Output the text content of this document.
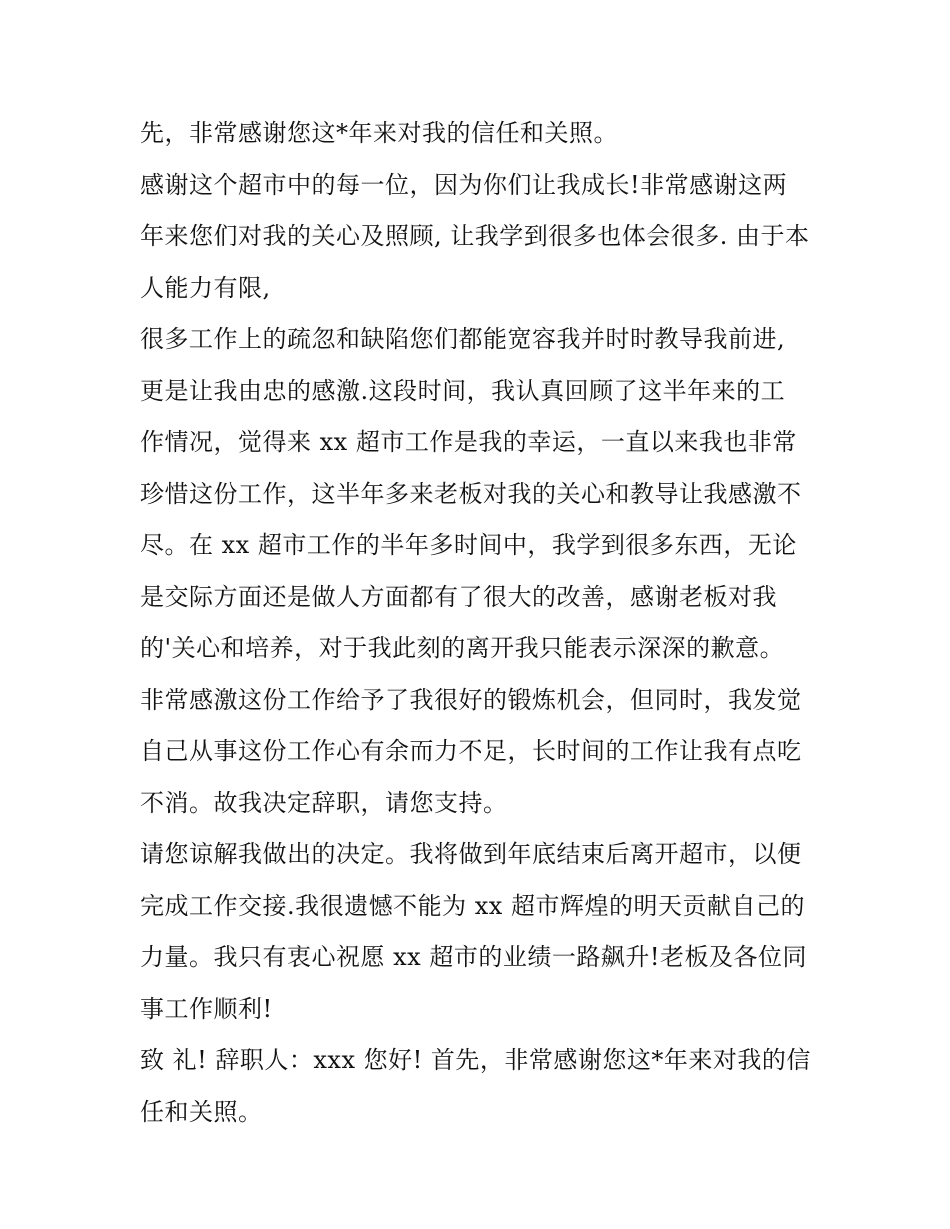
先，非常感谢您这*年来对我的信任和关照。
感谢这个超市中的每一位，因为你们让我成长!非常感谢这两
年来您们对我的关心及照顾, 让我学到很多也体会很多. 由于本
人能力有限,
很多工作上的疏忽和缺陷您们都能宽容我并时时教导我前进,
更是让我由忠的感激.这段时间，我认真回顾了这半年来的工
作情况，觉得来 xx 超市工作是我的幸运，一直以来我也非常
珍惜这份工作，这半年多来老板对我的关心和教导让我感激不
尽。在 xx 超市工作的半年多时间中，我学到很多东西，无论
是交际方面还是做人方面都有了很大的改善，感谢老板对我
的'关心和培养，对于我此刻的离开我只能表示深深的歉意。
非常感激这份工作给予了我很好的锻炼机会，但同时，我发觉
自己从事这份工作心有余而力不足，长时间的工作让我有点吃
不消。故我决定辞职，请您支持。
请您谅解我做出的决定。我将做到年底结束后离开超市，以便
完成工作交接.我很遗憾不能为 xx 超市辉煌的明天贡献自己的
力量。我只有衷心祝愿 xx 超市的业绩一路飙升!老板及各位同
事工作顺利!
致 礼! 辞职人：xxx 您好! 首先，非常感谢您这*年来对我的信
任和关照。
